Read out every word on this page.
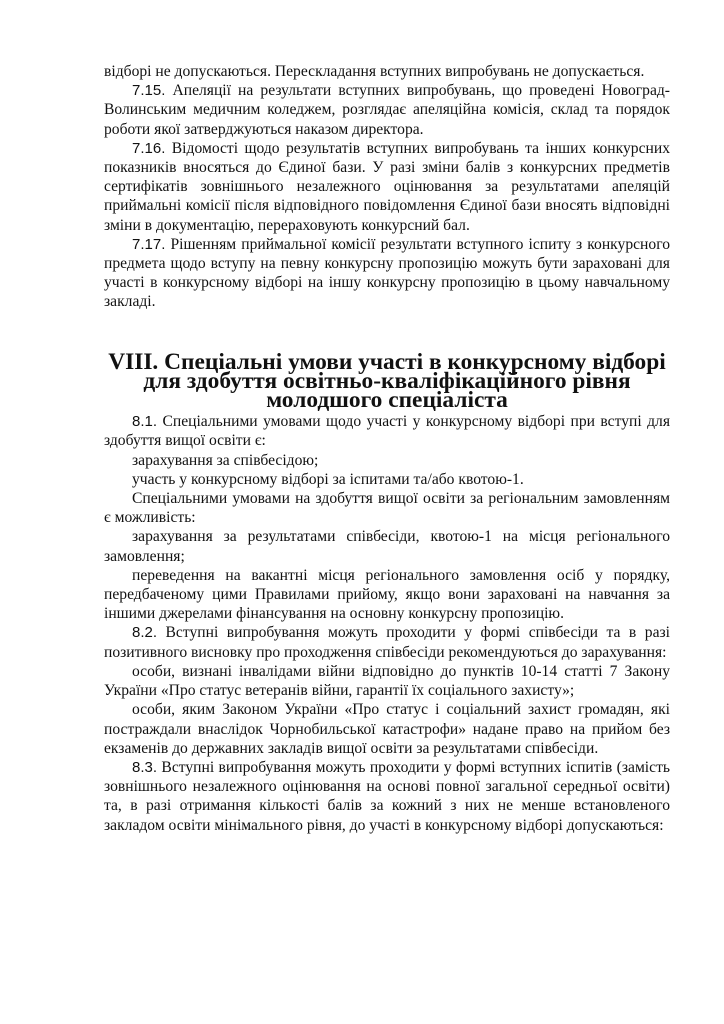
відборі не допускаються. Перескладання вступних випробувань не допускається.

7.15. Апеляції на результати вступних випробувань, що проведені Новоград-Волинським медичним коледжем, розглядає апеляційна комісія, склад та порядок роботи якої затверджуються наказом директора.

7.16. Відомості щодо результатів вступних випробувань та інших конкурсних показників вносяться до Єдиної бази. У разі зміни балів з конкурсних предметів сертифікатів зовнішнього незалежного оцінювання за результатами апеляцій приймальні комісії після відповідного повідомлення Єдиної бази вносять відповідні зміни в документацію, перераховують конкурсний бал.

7.17. Рішенням приймальної комісії результати вступного іспиту з конкурсного предмета щодо вступу на певну конкурсну пропозицію можуть бути зараховані для участі в конкурсному відборі на іншу конкурсну пропозицію в цьому навчальному закладі.

VIII. Спеціальні умови участі в конкурсному відборі для здобуття освітньо-кваліфікаційного рівня молодшого спеціаліста

8.1. Спеціальними умовами щодо участі у конкурсному відборі при вступі для здобуття вищої освіти є:

зарахування за співбесідою;

участь у конкурсному відборі за іспитами та/або квотою-1.

Спеціальними умовами на здобуття вищої освіти за регіональним замовленням є можливість:

зарахування за результатами співбесіди, квотою-1 на місця регіонального замовлення;

переведення на вакантні місця регіонального замовлення осіб у порядку, передбаченому цими Правилами прийому, якщо вони зараховані на навчання за іншими джерелами фінансування на основну конкурсну пропозицію.

8.2. Вступні випробування можуть проходити у формі співбесіди та в разі позитивного висновку про проходження співбесіди рекомендуються до зарахування:

особи, визнані інвалідами війни відповідно до пунктів 10-14 статті 7 Закону України «Про статус ветеранів війни, гарантії їх соціального захисту»;

особи, яким Законом України «Про статус і соціальний захист громадян, які постраждали внаслідок Чорнобильської катастрофи» надане право на прийом без екзаменів до державних закладів вищої освіти за результатами співбесіди.

8.3. Вступні випробування можуть проходити у формі вступних іспитів (замість зовнішнього незалежного оцінювання на основі повної загальної середньої освіти) та, в разі отримання кількості балів за кожний з них не менше встановленого закладом освіти мінімального рівня, до участі в конкурсному відборі допускаються:
